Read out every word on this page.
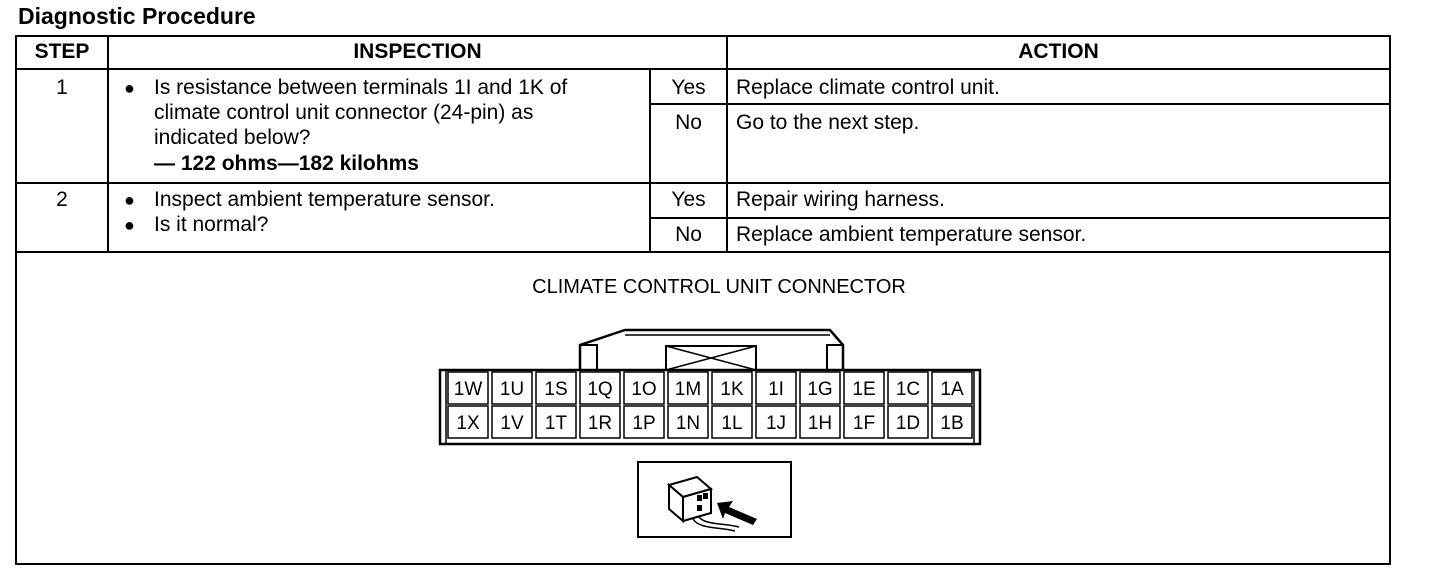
Diagnostic Procedure
STEP	INSPECTION	ACTION
1	● Is resistance between terminals 1I and 1K of
climate control unit connector (24-pin) as
indicated below?
— 122 ohms—182 kilohms
Yes	Replace climate control unit.
No	Go to the next step.
2	● Inspect ambient temperature sensor.
● Is it normal?
Yes	Repair wiring harness.
No	Replace ambient temperature sensor.
CLIMATE CONTROL UNIT CONNECTOR
1W 1U 1S 1Q 1O 1M 1K 1I 1G 1E 1C 1A
1X 1V 1T 1R 1P 1N 1L 1J 1H 1F 1D 1B
